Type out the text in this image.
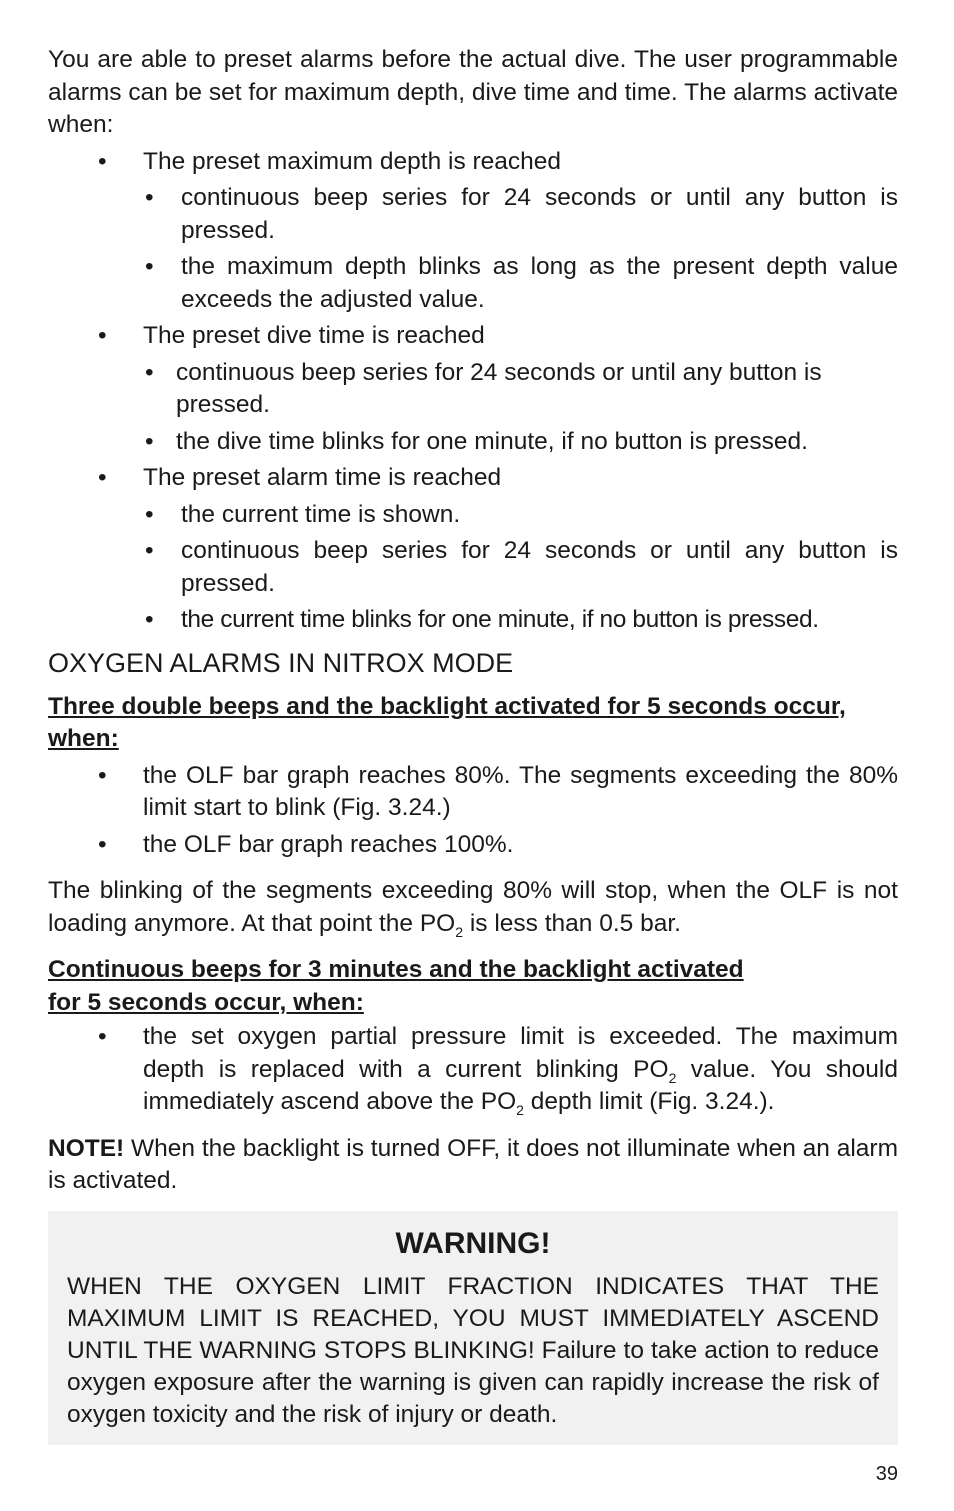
You are able to preset alarms before the actual dive. The user programmable alarms can be set for maximum depth, dive time and time. The alarms activate when:

• The preset maximum depth is reached

• continuous beep series for 24 seconds or until any button is pressed.

• the maximum depth blinks as long as the present depth value exceeds the adjusted value.

• The preset dive time is reached

• continuous beep series for 24 seconds or until any button is pressed.

• the dive time blinks for one minute, if no button is pressed.

• The preset alarm time is reached

• the current time is shown.

• continuous beep series for 24 seconds or until any button is pressed.

• the current time blinks for one minute, if no button is pressed.

OXYGEN ALARMS IN NITROX MODE

Three double beeps and the backlight activated for 5 seconds occur, when:

• the OLF bar graph reaches 80%. The segments exceeding the 80% limit start to blink (Fig. 3.24.)

• the OLF bar graph reaches 100%.

The blinking of the segments exceeding 80% will stop, when the OLF is not loading anymore. At that point the $PO_2$ is less than 0.5 bar.

Continuous beeps for 3 minutes and the backlight activated
for 5 seconds occur, when:

• the set oxygen partial pressure limit is exceeded. The maximum depth is replaced with a current blinking $PO_2$ value. You should immediately ascend above the $PO_2$ depth limit (Fig. 3.24.).

NOTE! When the backlight is turned OFF, it does not illuminate when an alarm is activated.

WARNING!

WHEN THE OXYGEN LIMIT FRACTION INDICATES THAT THE MAXIMUM LIMIT IS REACHED, YOU MUST IMMEDIATELY ASCEND UNTIL THE WARNING STOPS BLINKING! Failure to take action to reduce oxygen exposure after the warning is given can rapidly increase the risk of oxygen toxicity and the risk of injury or death.

39
